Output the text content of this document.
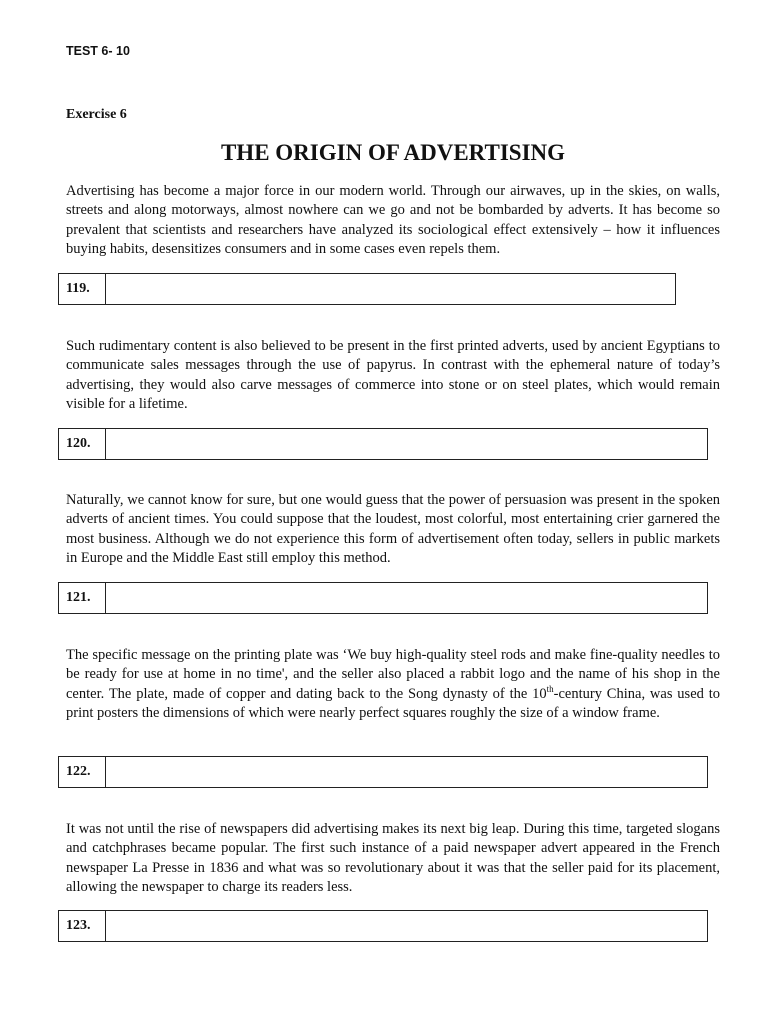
TEST 6- 10
Exercise 6
THE ORIGIN OF ADVERTISING

Advertising has become a major force in our modern world. Through our airwaves, up in the skies, on walls, streets and along motorways, almost nowhere can we go and not be bombarded by adverts. It has become so prevalent that scientists and researchers have analyzed its sociological effect extensively – how it influences buying habits, desensitizes consumers and in some cases even repels them.

119.

Such rudimentary content is also believed to be present in the first printed adverts, used by ancient Egyptians to communicate sales messages through the use of papyrus. In contrast with the ephemeral nature of today’s advertising, they would also carve messages of commerce into stone or on steel plates, which would remain visible for a lifetime.

120.

Naturally, we cannot know for sure, but one would guess that the power of persuasion was present in the spoken adverts of ancient times. You could suppose that the loudest, most colorful, most entertaining crier garnered the most business. Although we do not experience this form of advertisement often today, sellers in public markets in Europe and the Middle East still employ this method.

121.

The specific message on the printing plate was ‘We buy high-quality steel rods and make fine-quality needles to be ready for use at home in no time', and the seller also placed a rabbit logo and the name of his shop in the center. The plate, made of copper and dating back to the Song dynasty of the 10th-century China, was used to print posters the dimensions of which were nearly perfect squares roughly the size of a window frame.

122.

It was not until the rise of newspapers did advertising makes its next big leap. During this time, targeted slogans and catchphrases became popular. The first such instance of a paid newspaper advert appeared in the French newspaper La Presse in 1836 and what was so revolutionary about it was that the seller paid for its placement, allowing the newspaper to charge its readers less.

123.
